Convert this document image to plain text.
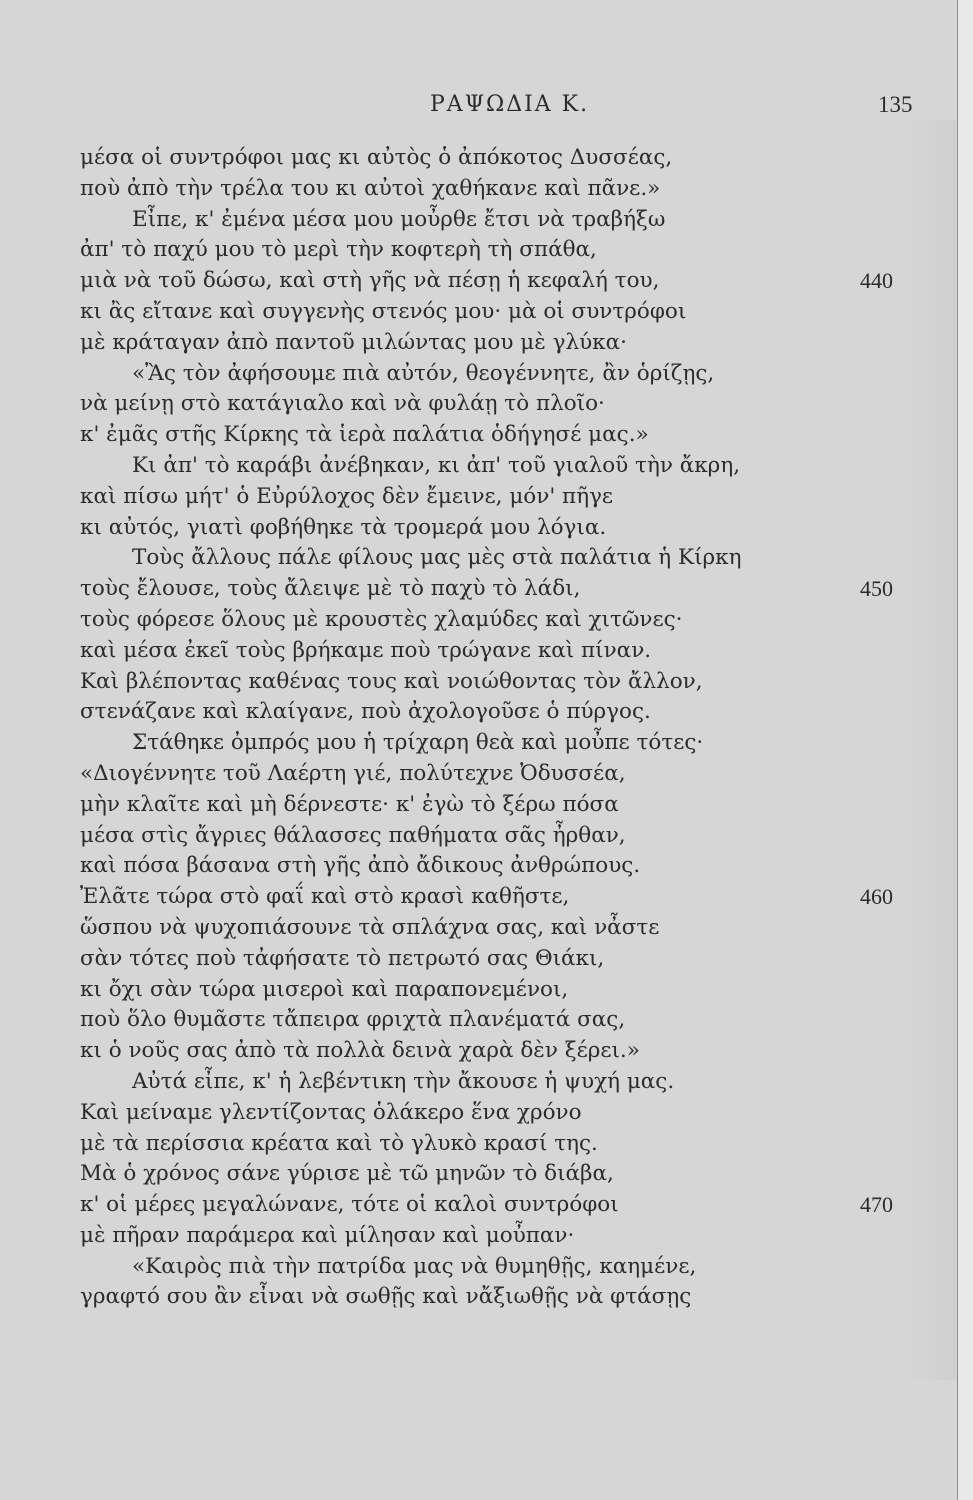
ΡΑΨΩΔΙΑ Κ.	135
μέσα οἱ συντρόφοι μας κι αὐτὸς ὁ ἀπόκοτος Δυσσέας,
ποὺ ἀπὸ τὴν τρέλα του κι αὐτοὶ χαθήκανε καὶ πᾶνε.»
Εἶπε, κ' ἐμένα μέσα μου μοὖρθε ἔτσι νὰ τραβήξω
ἀπ' τὸ παχύ μου τὸ μερὶ τὴν κοφτερὴ τὴ σπάθα,
μιὰ νὰ τοῦ δώσω, καὶ στὴ γῆς νὰ πέσῃ ἡ κεφαλή του,	440
κι ἂς εἴτανε καὶ συγγενὴς στενός μου· μὰ οἱ συντρόφοι
μὲ κράταγαν ἀπὸ παντοῦ μιλώντας μου μὲ γλύκα·
«Ἂς τὸν ἀφήσουμε πιὰ αὐτόν, θεογέννητε, ἂν ὁρίζῃς,
νὰ μείνῃ στὸ κατάγιαλο καὶ νὰ φυλάῃ τὸ πλοῖο·
κ' ἐμᾶς στῆς Κίρκης τὰ ἱερὰ παλάτια ὁδήγησέ μας.»
Κι ἀπ' τὸ καράβι ἀνέβηκαν, κι ἀπ' τοῦ γιαλοῦ τὴν ἄκρη,
καὶ πίσω μήτ' ὁ Εὐρύλοχος δὲν ἔμεινε, μόν' πῆγε
κι αὐτός, γιατὶ φοβήθηκε τὰ τρομερά μου λόγια.
Τοὺς ἄλλους πάλε φίλους μας μὲς στὰ παλάτια ἡ Κίρκη
τοὺς ἔλουσε, τοὺς ἄλειψε μὲ τὸ παχὺ τὸ λάδι,	450
τοὺς φόρεσε ὅλους μὲ κρουστὲς χλαμύδες καὶ χιτῶνες·
καὶ μέσα ἐκεῖ τοὺς βρήκαμε ποὺ τρώγανε καὶ πίναν.
Καὶ βλέποντας καθένας τους καὶ νοιώθοντας τὸν ἄλλον,
στενάζανε καὶ κλαίγανε, ποὺ ἀχολογοῦσε ὁ πύργος.
Στάθηκε ὀμπρός μου ἡ τρίχαρη θεὰ καὶ μοὖπε τότες·
«Διογέννητε τοῦ Λαέρτη γιέ, πολύτεχνε Ὀδυσσέα,
μὴν κλαῖτε καὶ μὴ δέρνεστε· κ' ἐγὼ τὸ ξέρω πόσα
μέσα στὶς ἄγριες θάλασσες παθήματα σᾶς ἦρθαν,
καὶ πόσα βάσανα στὴ γῆς ἀπὸ ἄδικους ἀνθρώπους.
Ἐλᾶτε τώρα στὸ φαΐ καὶ στὸ κρασὶ καθῆστε,	460
ὥσπου νὰ ψυχοπιάσουνε τὰ σπλάχνα σας, καὶ νἆστε
σὰν τότες ποὺ τἀφήσατε τὸ πετρωτό σας Θιάκι,
κι ὄχι σὰν τώρα μισεροὶ καὶ παραπονεμένοι,
ποὺ ὅλο θυμᾶστε τἄπειρα φριχτὰ πλανέματά σας,
κι ὁ νοῦς σας ἀπὸ τὰ πολλὰ δεινὰ χαρὰ δὲν ξέρει.»
Αὐτά εἶπε, κ' ἡ λεβέντικη τὴν ἄκουσε ἡ ψυχή μας.
Καὶ μείναμε γλεντίζοντας ὁλάκερο ἕνα χρόνο
μὲ τὰ περίσσια κρέατα καὶ τὸ γλυκὸ κρασί της.
Μὰ ὁ χρόνος σάνε γύρισε μὲ τῶ μηνῶν τὸ διάβα,
κ' οἱ μέρες μεγαλώνανε, τότε οἱ καλοὶ συντρόφοι	470
μὲ πῆραν παράμερα καὶ μίλησαν καὶ μοὖπαν·
«Καιρὸς πιὰ τὴν πατρίδα μας νὰ θυμηθῇς, καημένε,
γραφτό σου ἂν εἶναι νὰ σωθῇς καὶ νἄξιωθῇς νὰ φτάσῃς
